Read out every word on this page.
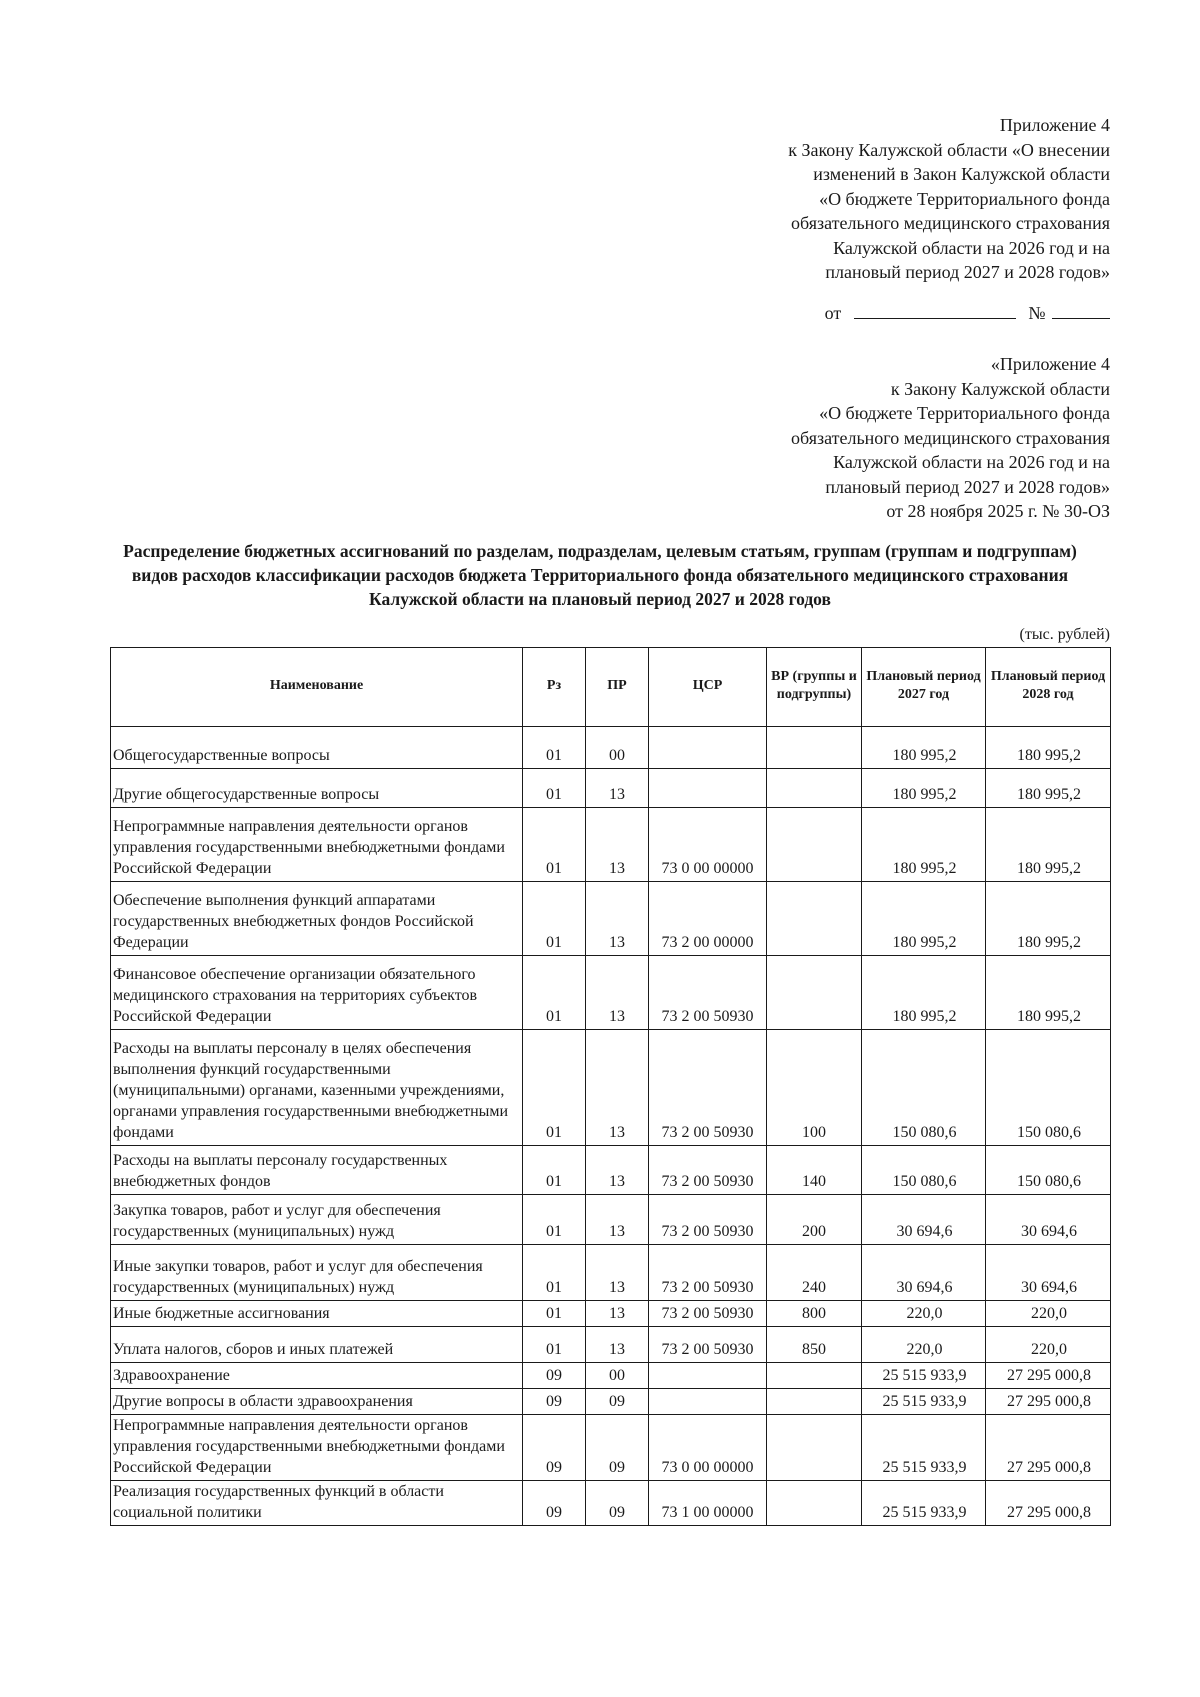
Приложение 4
к Закону Калужской области «О внесении
изменений в Закон Калужской области
«О бюджете Территориального фонда
обязательного медицинского страхования
Калужской области на 2026 год и на
плановый период 2027 и 2028 годов»
от	№
«Приложение 4
к Закону Калужской области
«О бюджете Территориального фонда
обязательного медицинского страхования
Калужской области на 2026 год и на
плановый период 2027 и 2028 годов»
от 28 ноября 2025 г. № 30-ОЗ
Распределение бюджетных ассигнований по разделам, подразделам, целевым статьям, группам (группам и подгруппам) видов расходов классификации расходов бюджета Территориального фонда обязательного медицинского страхования Калужской области на плановый период 2027 и 2028 годов
(тыс. рублей)
Наименование	Рз	ПР	ЦСР	ВР (группы и подгруппы)	Плановый период 2027 год	Плановый период 2028 год
Общегосударственные вопросы	01	00			180 995,2	180 995,2
Другие общегосударственные вопросы	01	13			180 995,2	180 995,2
Непрограммные направления деятельности органов управления государственными внебюджетными фондами Российской Федерации	01	13	73 0 00 00000		180 995,2	180 995,2
Обеспечение выполнения функций аппаратами государственных внебюджетных фондов Российской Федерации	01	13	73 2 00 00000		180 995,2	180 995,2
Финансовое обеспечение организации обязательного медицинского страхования на территориях субъектов Российской Федерации	01	13	73 2 00 50930		180 995,2	180 995,2
Расходы на выплаты персоналу в целях обеспечения выполнения функций государственными (муниципальными) органами, казенными учреждениями, органами управления государственными внебюджетными фондами	01	13	73 2 00 50930	100	150 080,6	150 080,6
Расходы на выплаты персоналу государственных внебюджетных фондов	01	13	73 2 00 50930	140	150 080,6	150 080,6
Закупка товаров, работ и услуг для обеспечения государственных (муниципальных) нужд	01	13	73 2 00 50930	200	30 694,6	30 694,6
Иные закупки товаров, работ и услуг для обеспечения государственных (муниципальных) нужд	01	13	73 2 00 50930	240	30 694,6	30 694,6
Иные бюджетные ассигнования	01	13	73 2 00 50930	800	220,0	220,0
Уплата налогов, сборов и иных платежей	01	13	73 2 00 50930	850	220,0	220,0
Здравоохранение	09	00			25 515 933,9	27 295 000,8
Другие вопросы в области здравоохранения	09	09			25 515 933,9	27 295 000,8
Непрограммные направления деятельности органов управления государственными внебюджетными фондами Российской Федерации	09	09	73 0 00 00000		25 515 933,9	27 295 000,8
Реализация государственных функций в области социальной политики	09	09	73 1 00 00000		25 515 933,9	27 295 000,8
